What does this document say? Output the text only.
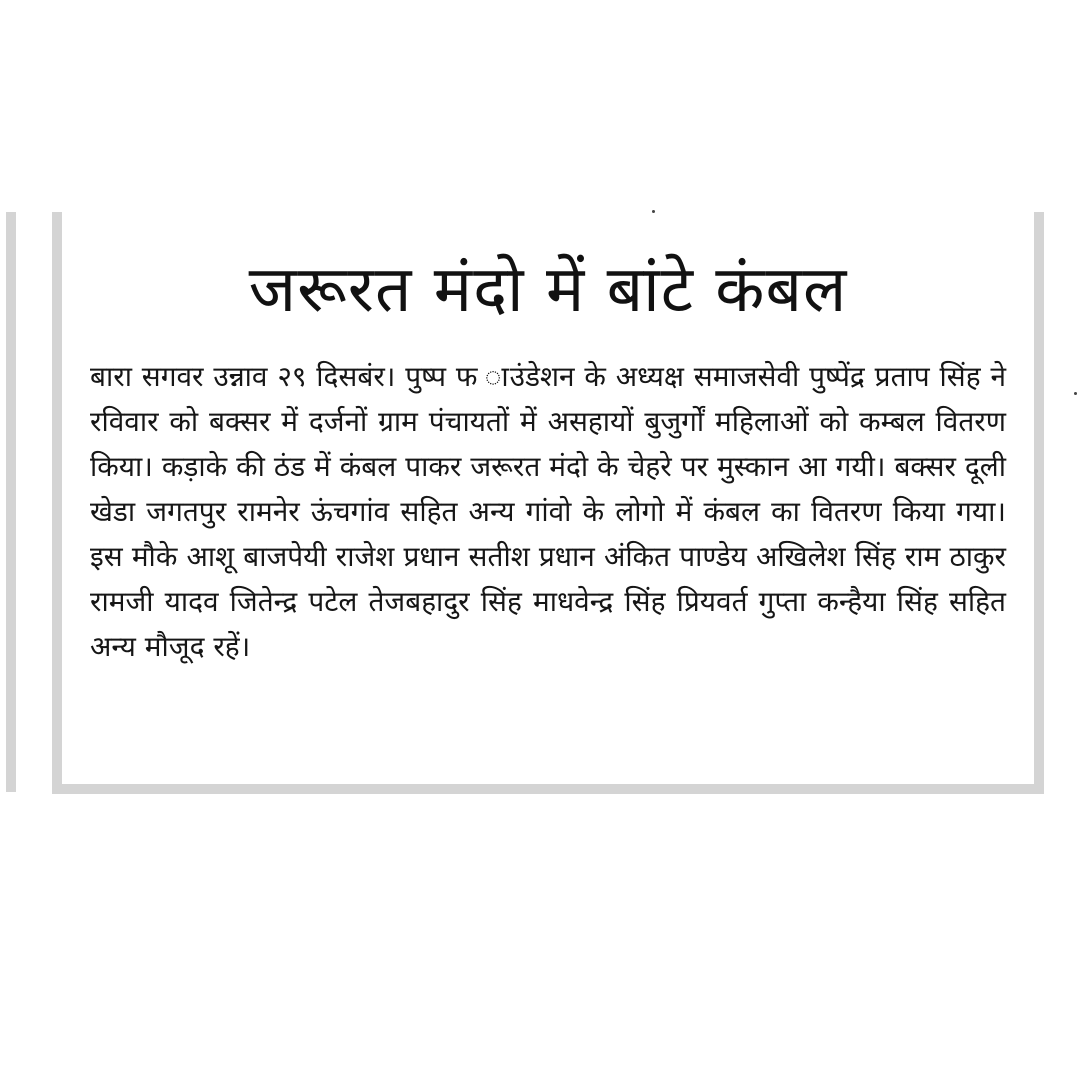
जरूरत मंदो में बांटे कंबल

बारा सगवर उन्नाव २९ दिसबंर। पुष्प फ ाउंडेशन के अध्यक्ष समाजसेवी पुष्पेंद्र प्रताप सिंह ने रविवार को बक्सर में दर्जनों ग्राम पंचायतों में असहायों बुजुर्गों महिलाओं को कम्बल वितरण किया। कड़ाके की ठंड में कंबल पाकर जरूरत मंदो के चेहरे पर मुस्कान आ गयी। बक्सर दूली खेडा जगतपुर रामनेर ऊंचगांव सहित अन्य गांवो के लोगो में कंबल का वितरण किया गया। इस मौके आशू बाजपेयी राजेश प्रधान सतीश प्रधान अंकित पाण्डेय अखिलेश सिंह राम ठाकुर रामजी यादव जितेन्द्र पटेल तेजबहादुर सिंह माधवेन्द्र सिंह प्रियवर्त गुप्ता कन्हैया सिंह सहित अन्य मौजूद रहें।
